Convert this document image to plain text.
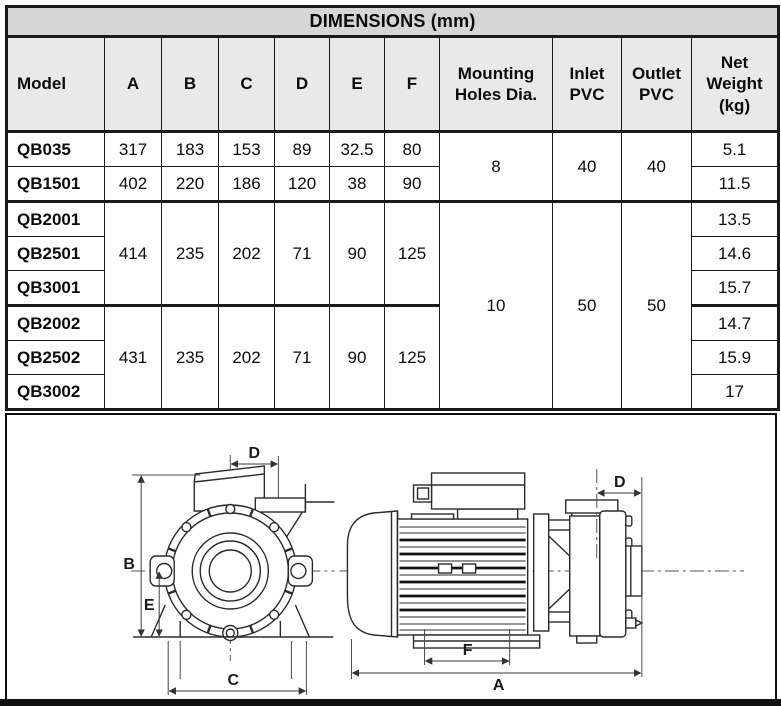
DIMENSIONS (mm)										
Model	A	B	C	D	E	F	Mounting Holes Dia.	Inlet PVC	Outlet PVC	Net Weight (kg)
QB035	317	183	153	89	32.5	80	8	40	40	5.1
QB1501	402	220	186	120	38	90				11.5
QB2001	414	235	202	71	90	125	10	50	50	13.5
QB2501										14.6
QB3001										15.7
QB2002	431	235	202	71	90	125				14.7
QB2502										15.9
QB3002										17
B
E
D
C
D
F
A
